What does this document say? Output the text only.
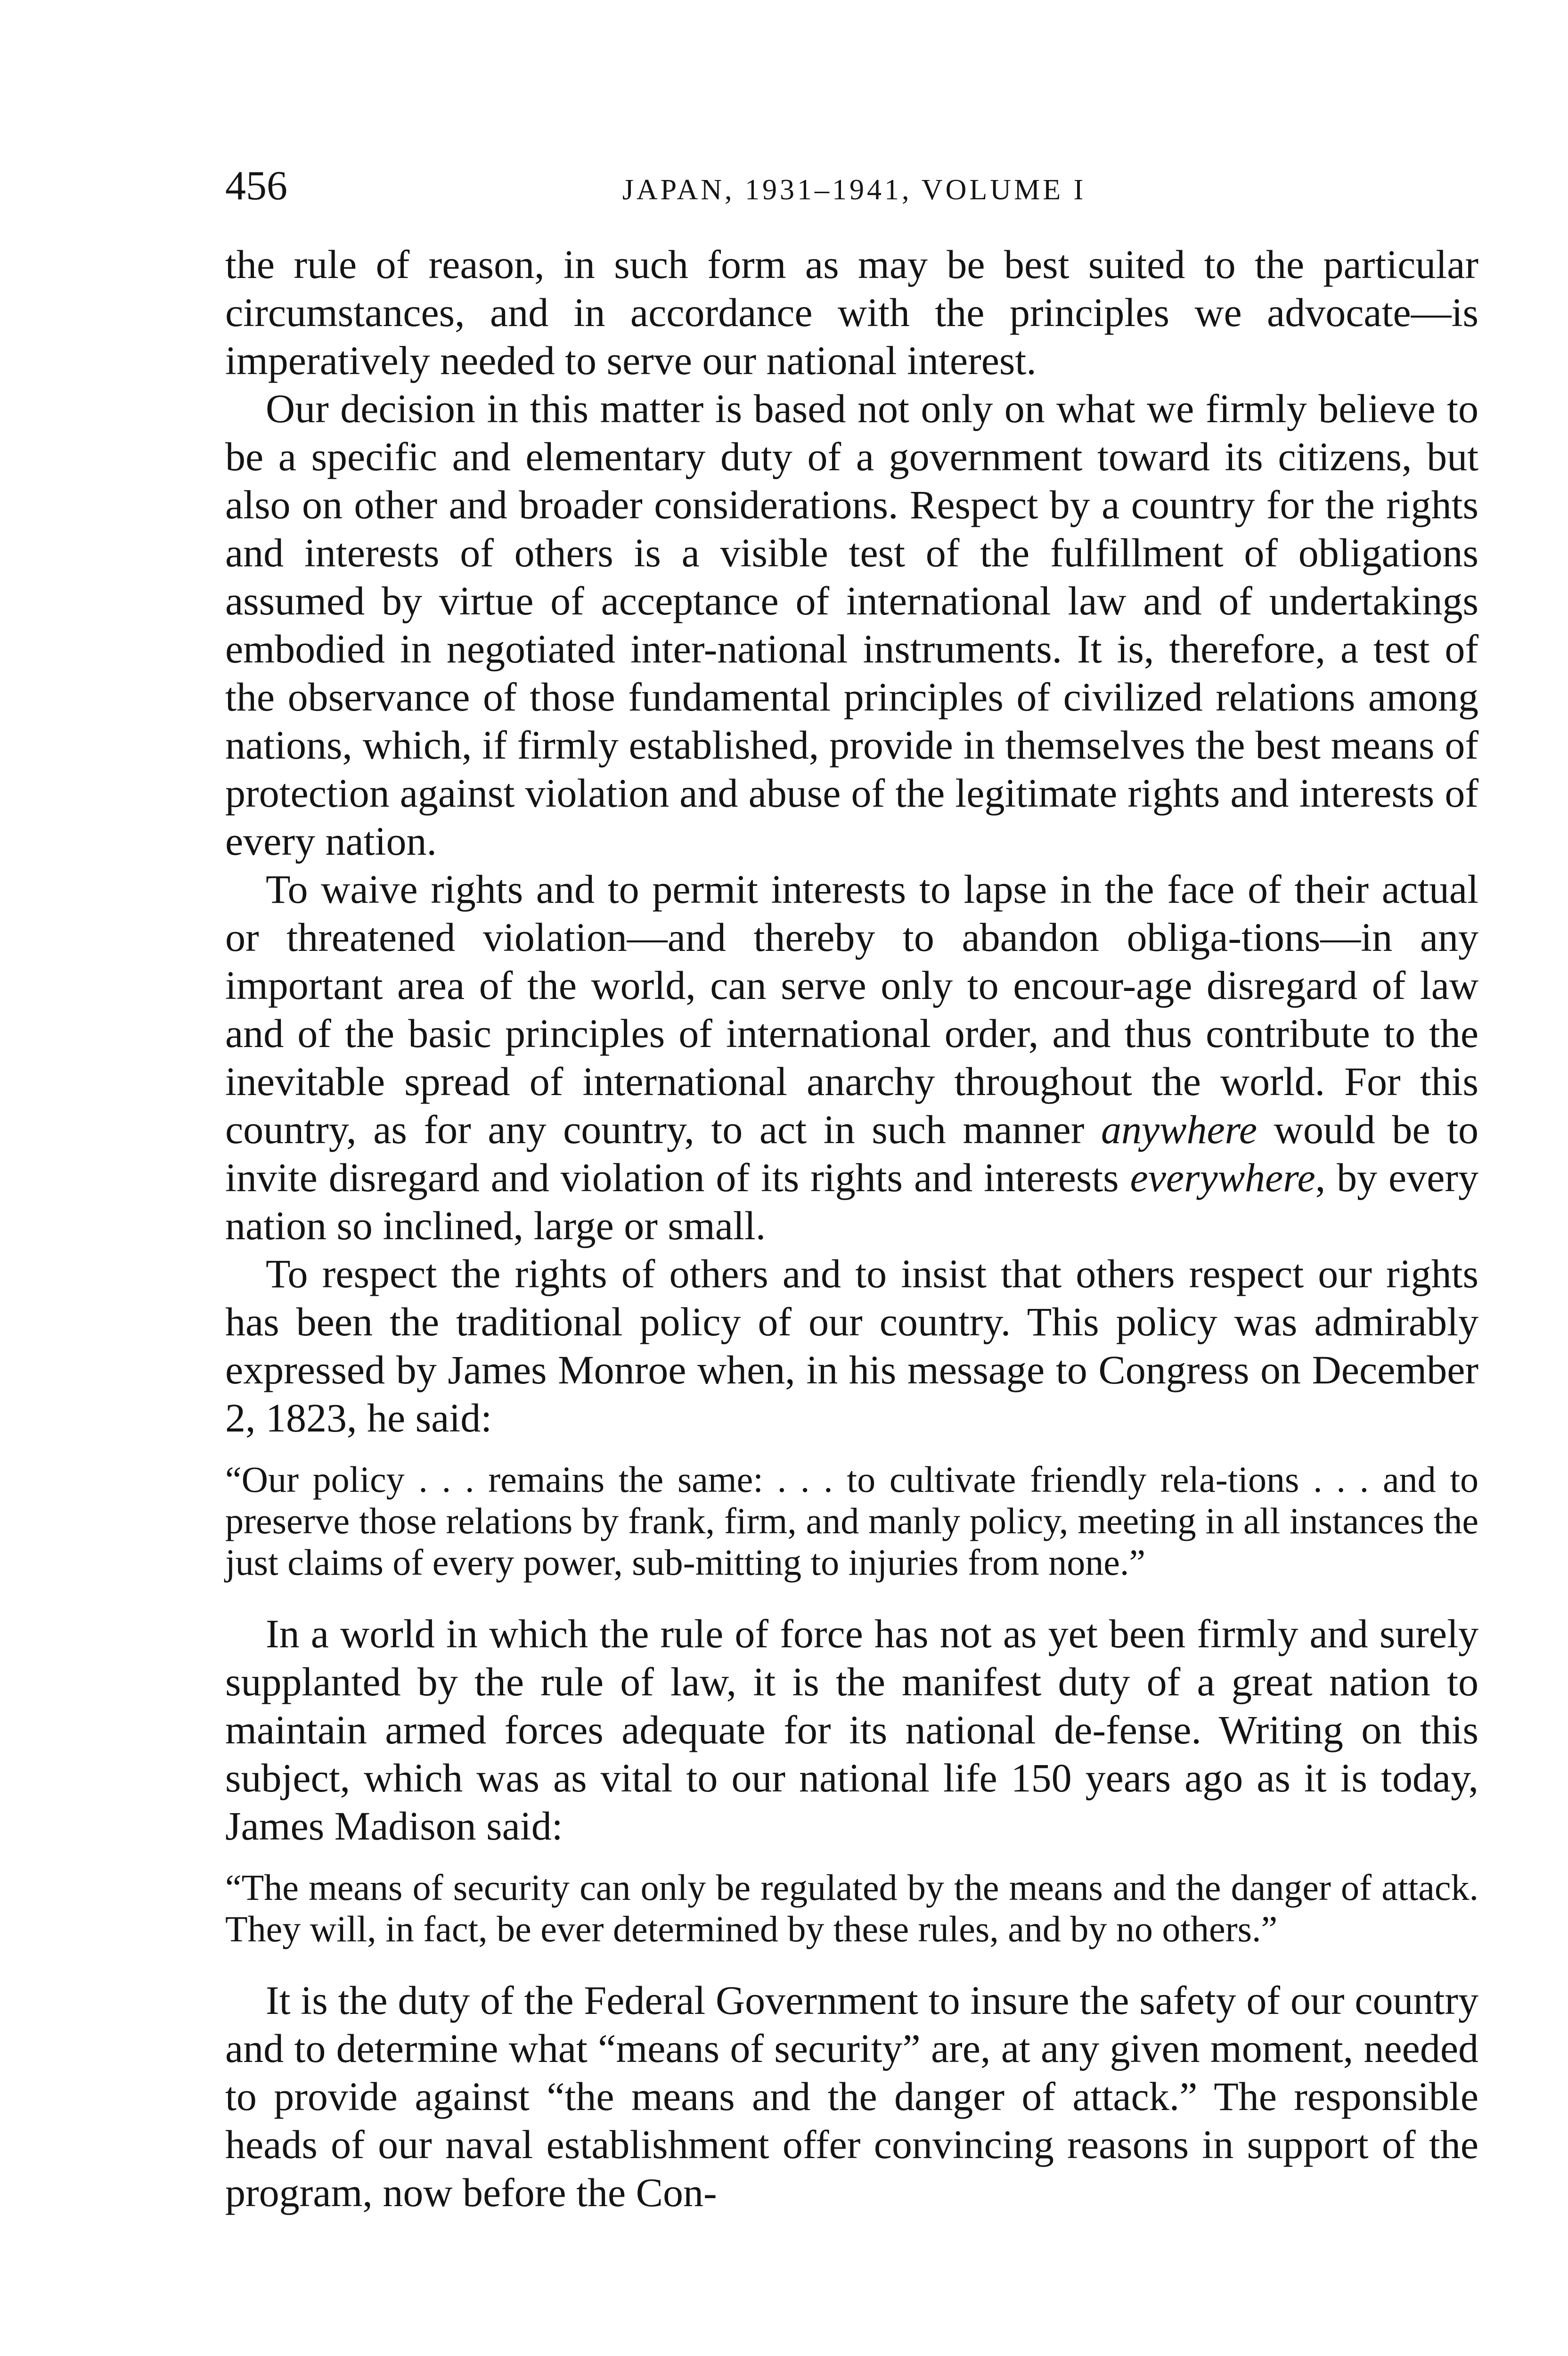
456	JAPAN, 1931–1941, VOLUME I

the rule of reason, in such form as may be best suited to the particular circumstances, and in accordance with the principles we advocate—is imperatively needed to serve our national interest.

Our decision in this matter is based not only on what we firmly believe to be a specific and elementary duty of a government toward its citizens, but also on other and broader considerations. Respect by a country for the rights and interests of others is a visible test of the fulfillment of obligations assumed by virtue of acceptance of international law and of undertakings embodied in negotiated inter-national instruments. It is, therefore, a test of the observance of those fundamental principles of civilized relations among nations, which, if firmly established, provide in themselves the best means of protection against violation and abuse of the legitimate rights and interests of every nation.

To waive rights and to permit interests to lapse in the face of their actual or threatened violation—and thereby to abandon obliga-tions—in any important area of the world, can serve only to encour-age disregard of law and of the basic principles of international order, and thus contribute to the inevitable spread of international anarchy throughout the world. For this country, as for any country, to act in such manner anywhere would be to invite disregard and violation of its rights and interests everywhere, by every nation so inclined, large or small.

To respect the rights of others and to insist that others respect our rights has been the traditional policy of our country. This policy was admirably expressed by James Monroe when, in his message to Congress on December 2, 1823, he said:

“Our policy . . . remains the same: . . . to cultivate friendly rela-tions . . . and to preserve those relations by frank, firm, and manly policy, meeting in all instances the just claims of every power, sub-mitting to injuries from none.”

In a world in which the rule of force has not as yet been firmly and surely supplanted by the rule of law, it is the manifest duty of a great nation to maintain armed forces adequate for its national de-fense. Writing on this subject, which was as vital to our national life 150 years ago as it is today, James Madison said:

“The means of security can only be regulated by the means and the danger of attack. They will, in fact, be ever determined by these rules, and by no others.”

It is the duty of the Federal Government to insure the safety of our country and to determine what “means of security” are, at any given moment, needed to provide against “the means and the danger of attack.” The responsible heads of our naval establishment offer convincing reasons in support of the program, now before the Con-
